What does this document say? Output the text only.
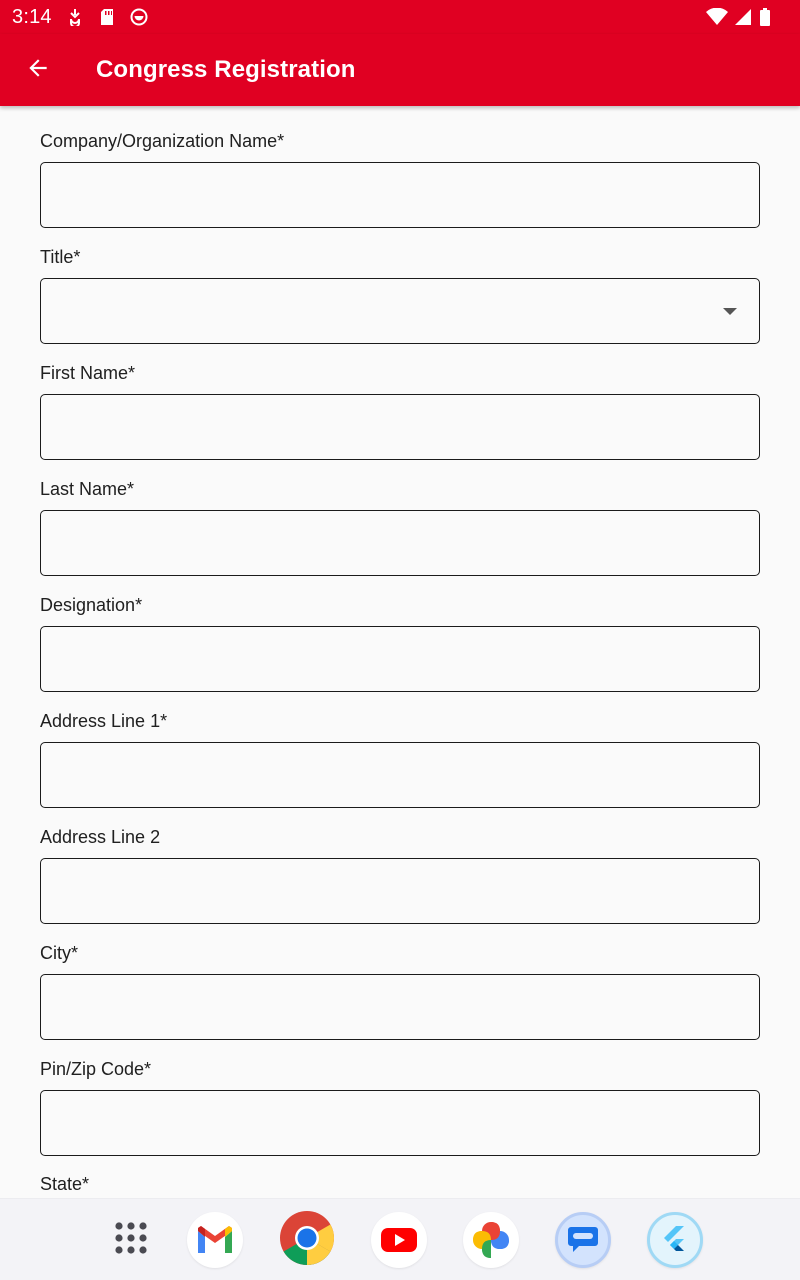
3:14
Congress Registration
Company/Organization Name*
Title*
First Name*
Last Name*
Designation*
Address Line 1*
Address Line 2
City*
Pin/Zip Code*
State*
